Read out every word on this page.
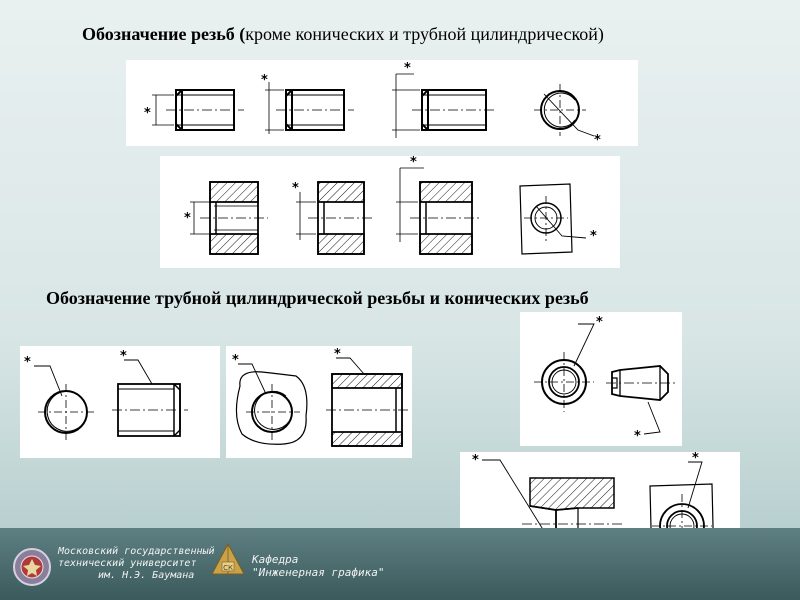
Обозначение резьб (кроме конических и трубной цилиндрической)
Обозначение трубной цилиндрической резьбы и конических резьб
*
*
*
*
*
*
*
*
*	*	*	*
*
*
*	*
Московский государственный
технический университет
им. Н.Э. Баумана
СК
Кафедра
"Инженерная графика"
